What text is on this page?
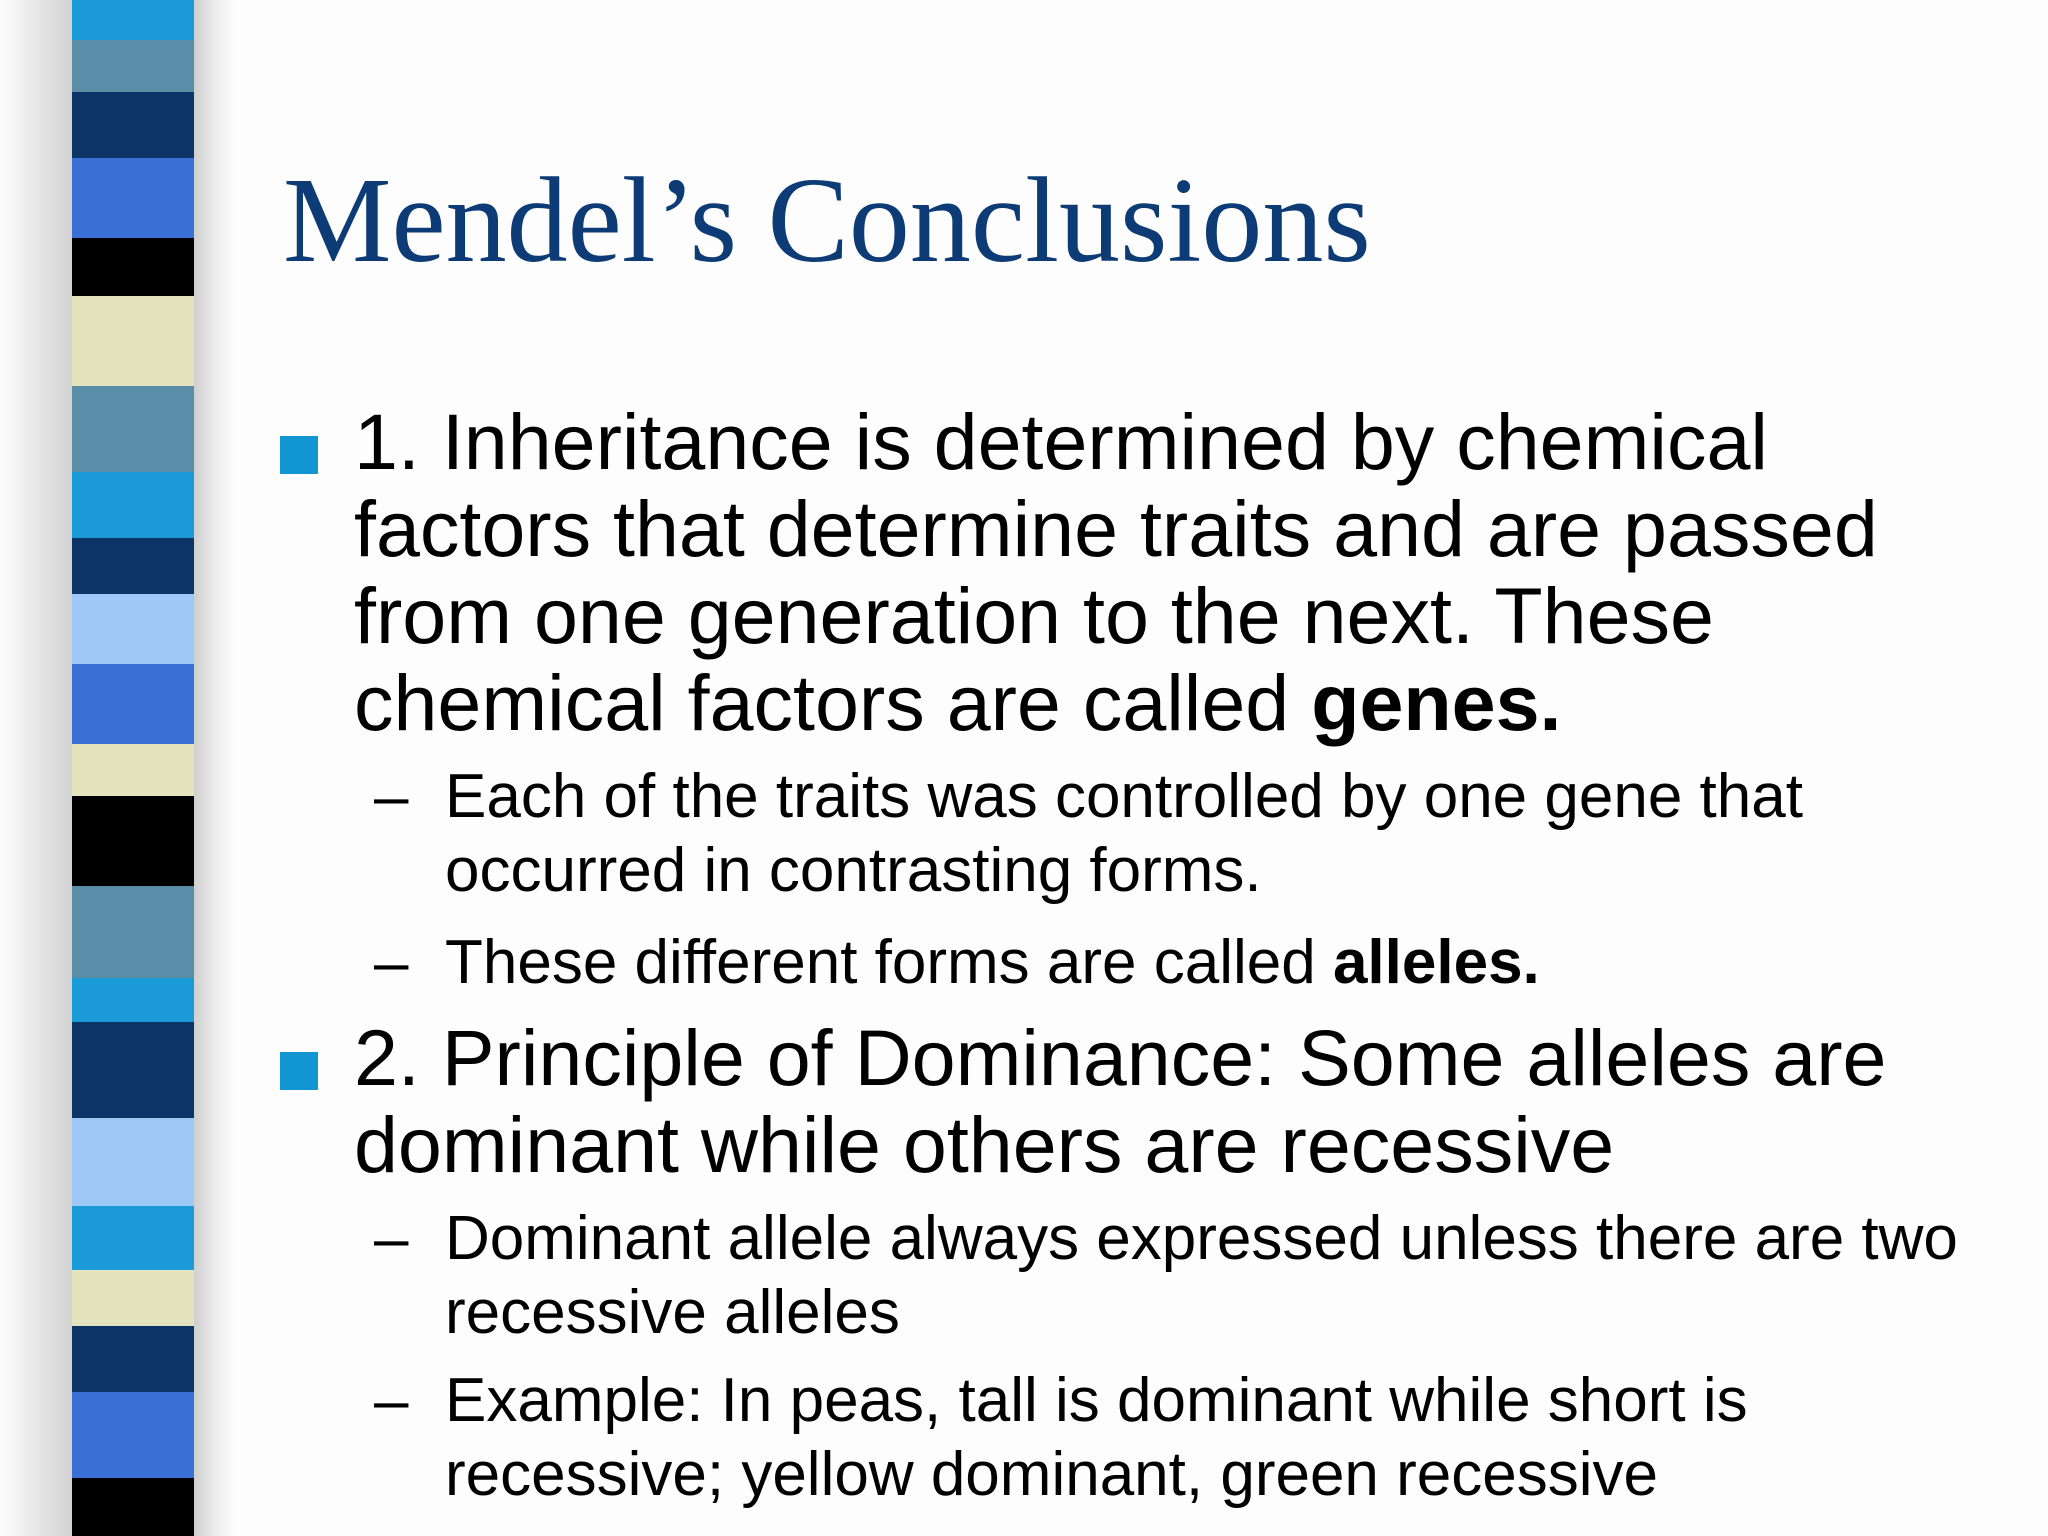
Mendel’s Conclusions
1. Inheritance is determined by chemical factors that determine traits and are passed from one generation to the next. These chemical factors are called genes.
– Each of the traits was controlled by one gene that occurred in contrasting forms.
– These different forms are called alleles.
2. Principle of Dominance: Some alleles are dominant while others are recessive
– Dominant allele always expressed unless there are two recessive alleles
– Example: In peas, tall is dominant while short is recessive; yellow dominant, green recessive
